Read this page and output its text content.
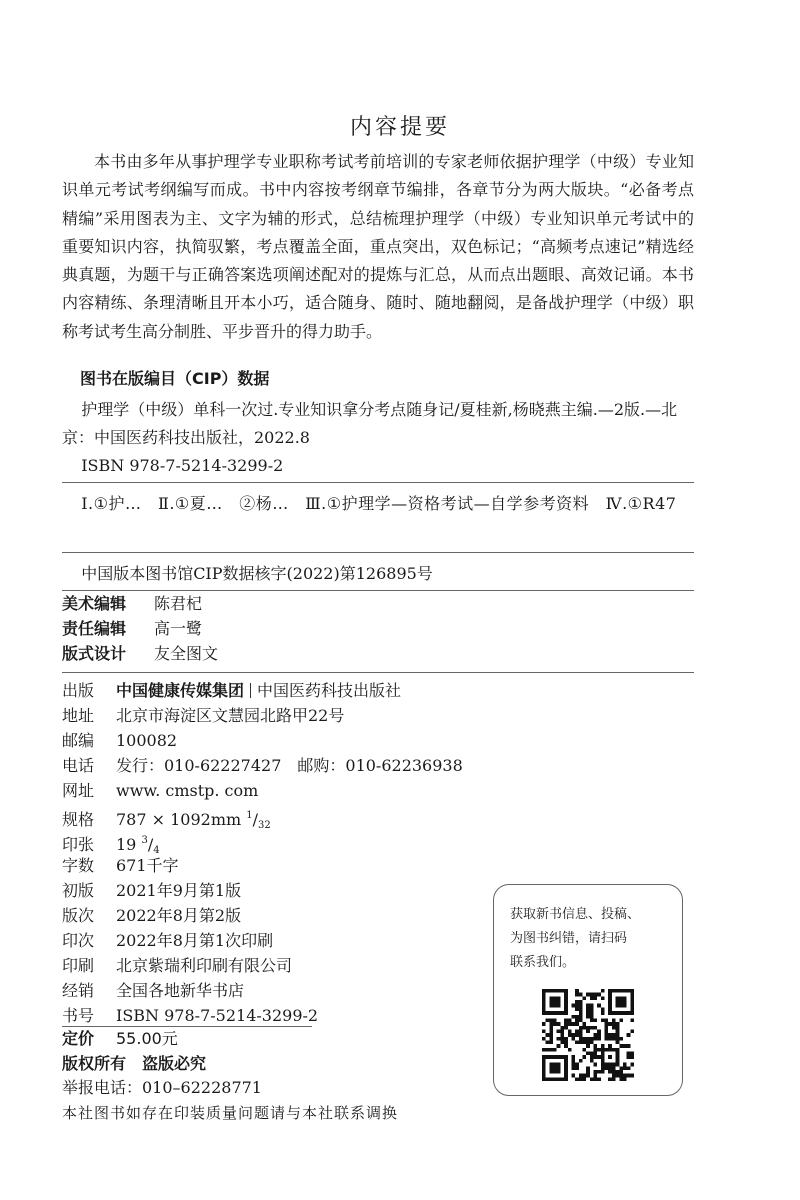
内容提要
本书由多年从事护理学专业职称考试考前培训的专家老师依据护理学（中级）专业知识单元考试考纲编写而成。书中内容按考纲章节编排，各章节分为两大版块。“必备考点精编”采用图表为主、文字为辅的形式，总结梳理护理学（中级）专业知识单元考试中的重要知识内容，执简驭繁，考点覆盖全面，重点突出，双色标记；“高频考点速记”精选经典真题，为题干与正确答案选项阐述配对的提炼与汇总，从而点出题眼、高效记诵。本书内容精练、条理清晰且开本小巧，适合随身、随时、随地翻阅，是备战护理学（中级）职称考试考生高分制胜、平步晋升的得力助手。
图书在版编目（CIP）数据
护理学（中级）单科一次过.专业知识拿分考点随身记/夏桂新,杨晓燕主编.—2版.—北京：中国医药科技出版社，2022.8
ISBN 978-7-5214-3299-2
Ⅰ.①护…　Ⅱ.①夏…　②杨…　Ⅲ.①护理学—资格考试—自学参考资料　Ⅳ.①R47
中国版本图书馆CIP数据核字(2022)第126895号
美术编辑 陈君杞
责任编辑 高一鹭
版式设计 友全图文
出版 中国健康传媒集团 中国医药科技出版社
地址 北京市海淀区文慧园北路甲22号
邮编 100082
电话 发行：010-62227427　邮购：010-62236938
网址 www. cmstp. com
规格 787 × 1092mm $^1/_{32}$
印张 19 $^3/_4$
字数 671千字
初版 2021年9月第1版
版次 2022年8月第2版
印次 2022年8月第1次印刷
印刷 北京紫瑞利印刷有限公司
经销 全国各地新华书店
书号 ISBN 978-7-5214-3299-2
定价 55.00元
版权所有　盗版必究
举报电话：010–62228771
获取新书信息、投稿、
为图书纠错，请扫码
联系我们。
本社图书如存在印装质量问题请与本社联系调换
